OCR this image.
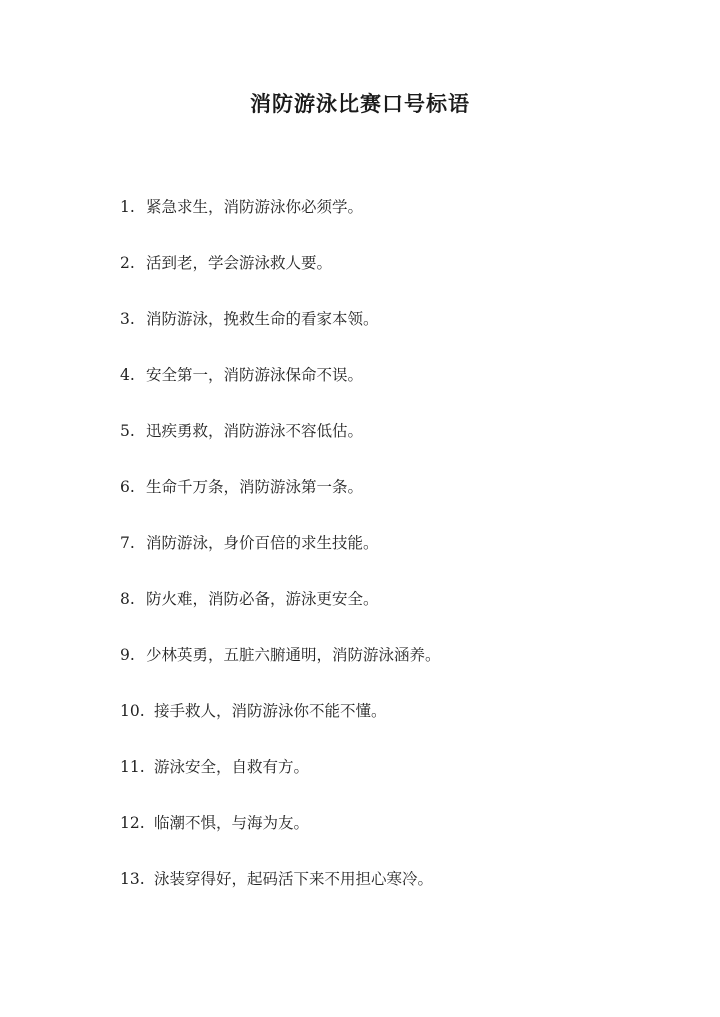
消防游泳比赛口号标语
1. 紧急求生，消防游泳你必须学。
2. 活到老，学会游泳救人要。
3. 消防游泳，挽救生命的看家本领。
4. 安全第一，消防游泳保命不误。
5. 迅疾勇救，消防游泳不容低估。
6. 生命千万条，消防游泳第一条。
7. 消防游泳，身价百倍的求生技能。
8. 防火难，消防必备，游泳更安全。
9. 少林英勇，五脏六腑通明，消防游泳涵养。
10. 接手救人，消防游泳你不能不懂。
11. 游泳安全，自救有方。
12. 临潮不惧，与海为友。
13. 泳装穿得好，起码活下来不用担心寒冷。
